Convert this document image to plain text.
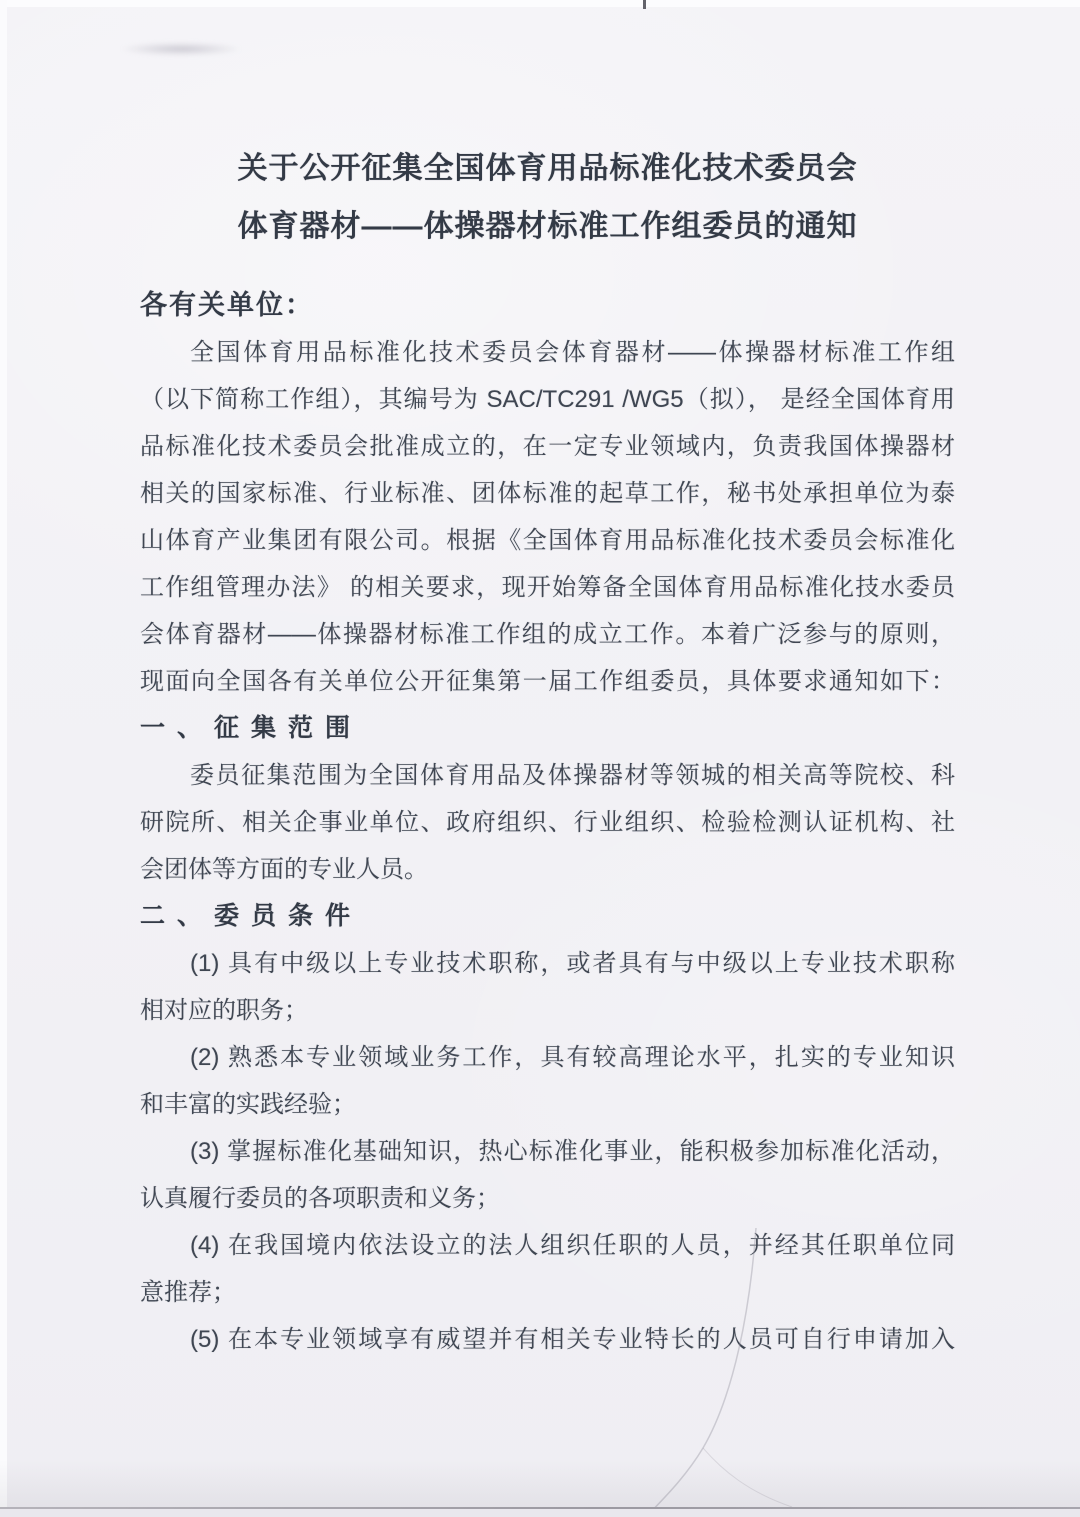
关于公开征集全国体育用品标准化技术委员会
体育器材——体操器材标准工作组委员的通知
各有关单位：
全国体育用品标准化技术委员会体育器材——体操器材标准工作组
（以下简称工作组），其编号为 SAC/TC291 /WG5（拟）， 是经全国体育用
品标准化技术委员会批准成立的，在一定专业领域内，负责我国体操器材
相关的国家标准、行业标准、团体标准的起草工作，秘书处承担单位为泰
山体育产业集团有限公司。根据《全国体育用品标准化技术委员会标准化
工作组管理办法》 的相关要求，现开始筹备全国体育用品标准化技水委员
会体育器材——体操器材标准工作组的成立工作。本着广泛参与的原则，
现面向全国各有关单位公开征集第一届工作组委员，具体要求通知如下：
一、征集范围
委员征集范围为全国体育用品及体操器材等领城的相关高等院校、科
研院所、相关企事业单位、政府组织、行业组织、检验检测认证机构、社
会团体等方面的专业人员。
二、委员条件
(1) 具有中级以上专业技术职称，或者具有与中级以上专业技术职称
相对应的职务；
(2) 熟悉本专业领域业务工作，具有较高理论水平，扎实的专业知识
和丰富的实践经验；
(3) 掌握标准化基础知识，热心标准化事业，能积极参加标准化活动，
认真履行委员的各项职责和义务；
(4) 在我国境内依法设立的法人组织任职的人员，并经其任职单位同
意推荐；
(5) 在本专业领域享有威望并有相关专业特长的人员可自行申请加入
